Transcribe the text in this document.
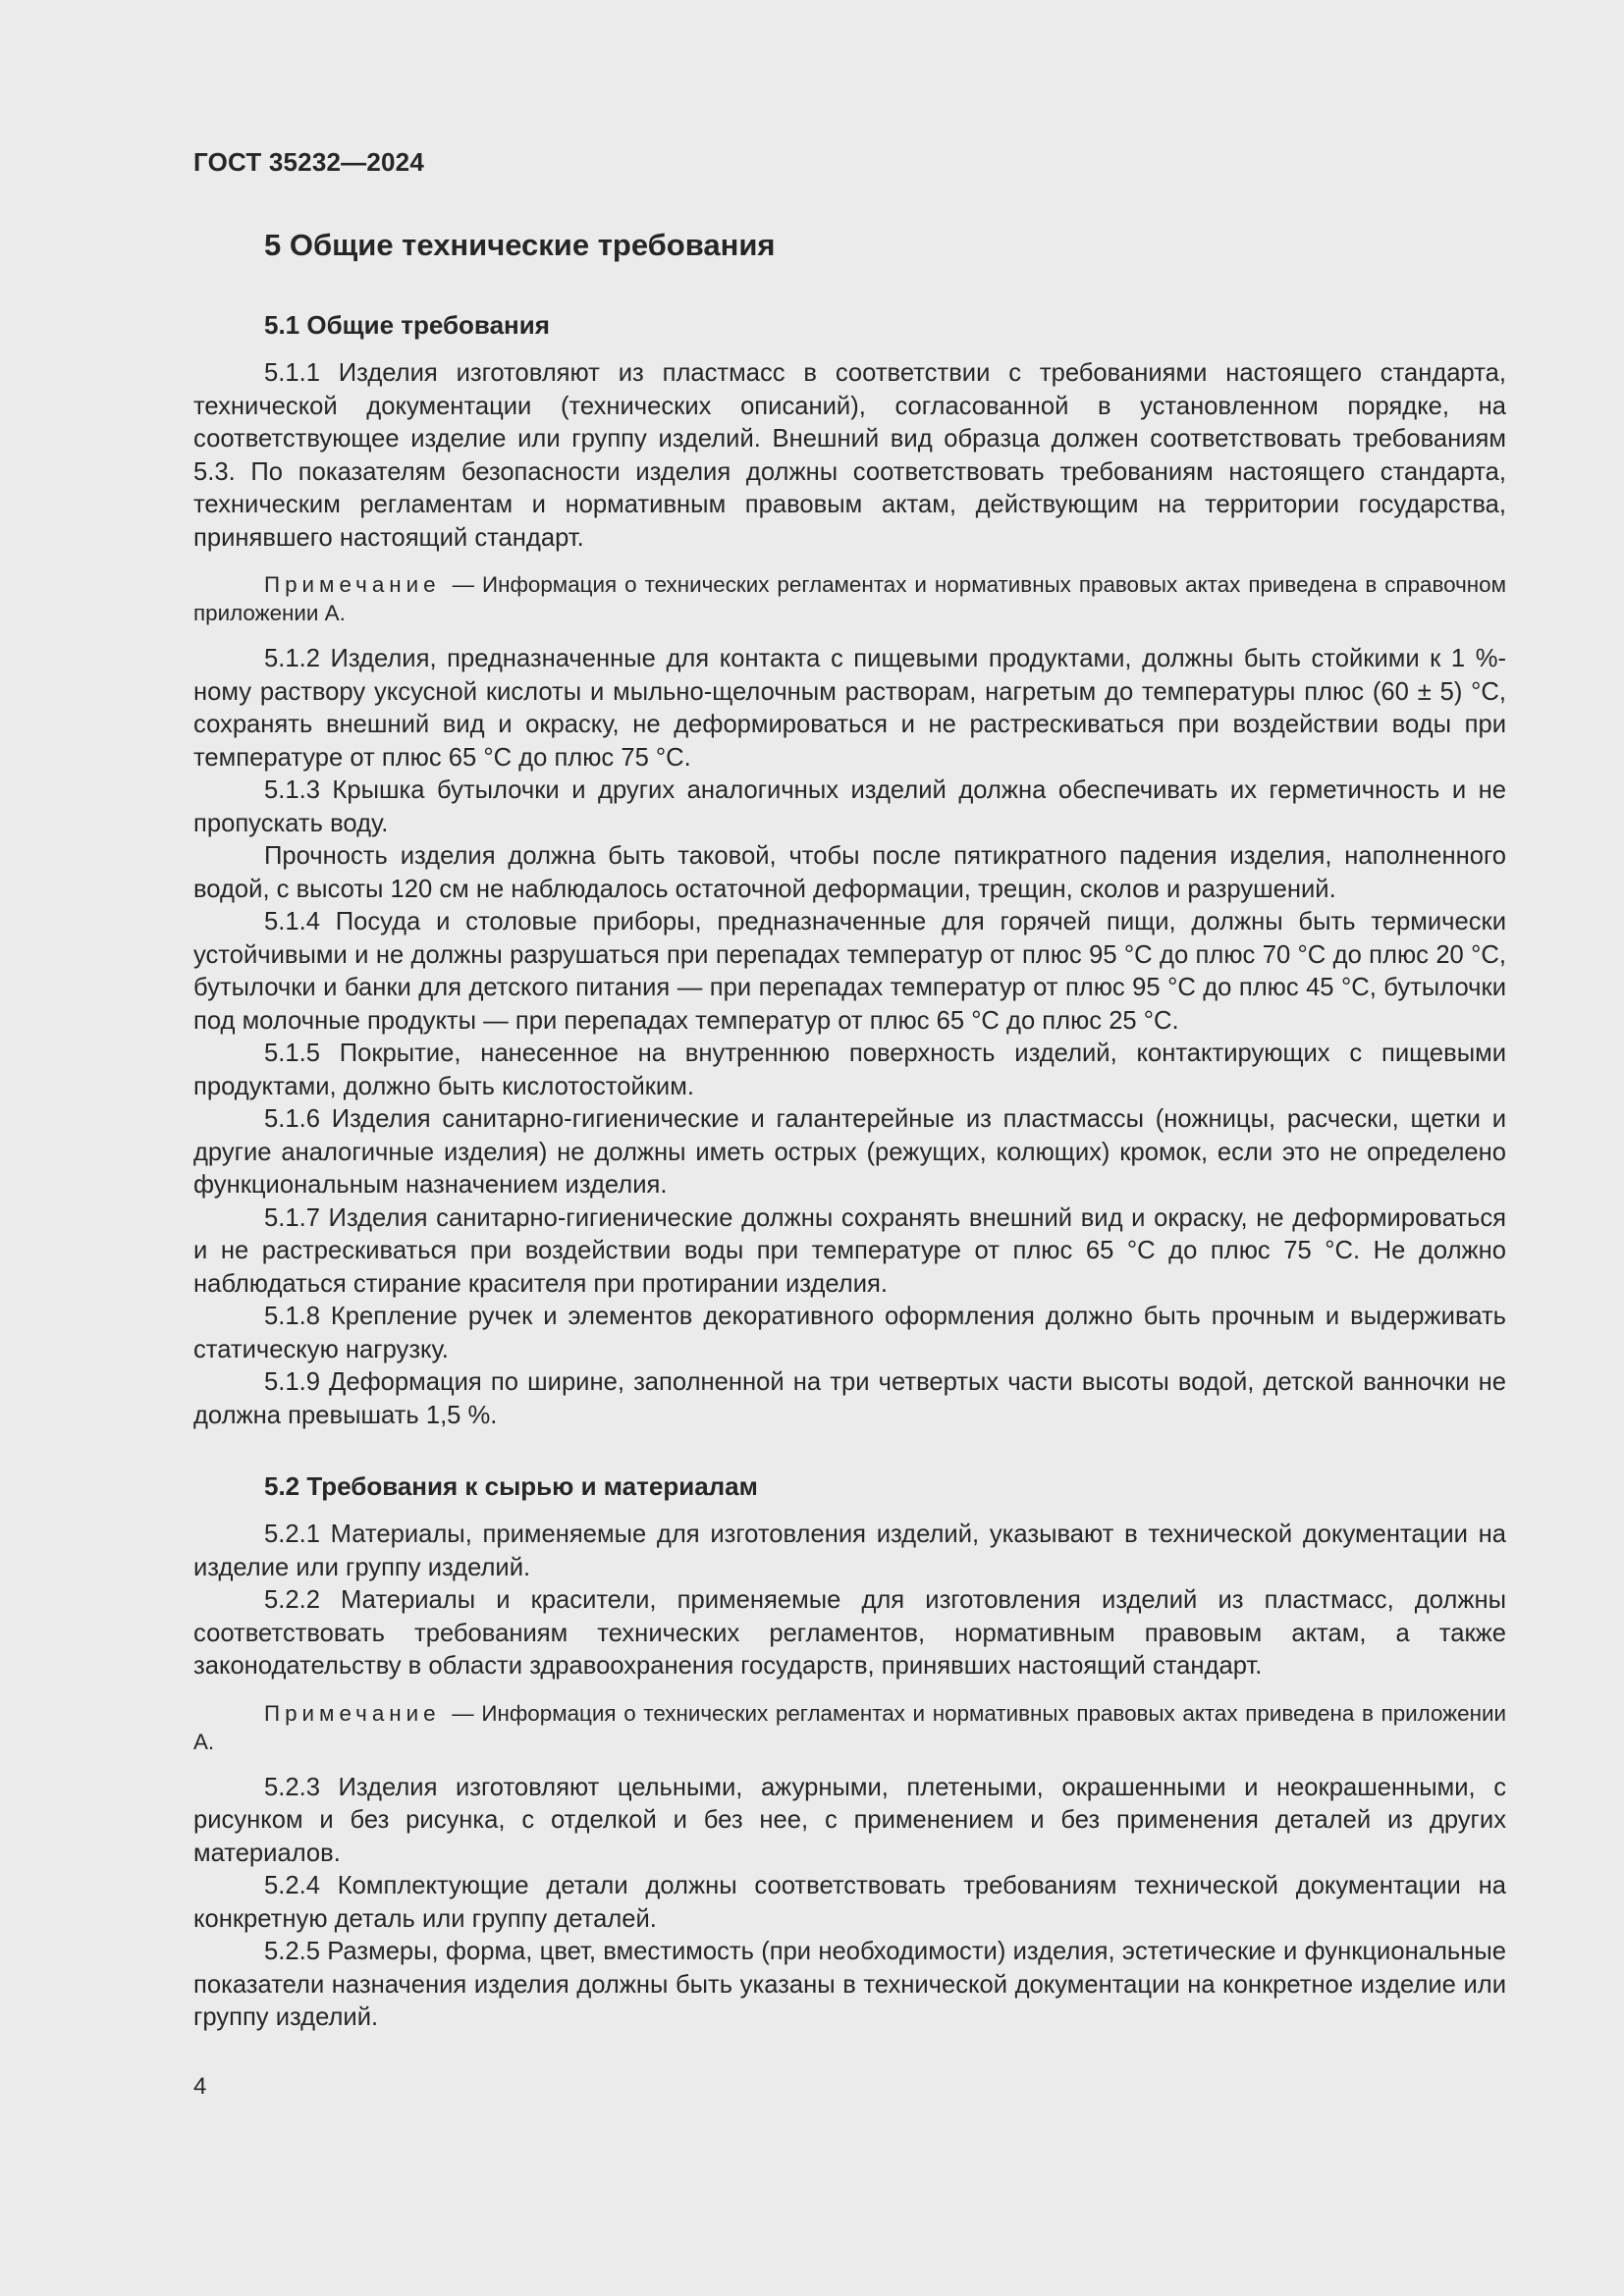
ГОСТ 35232—2024
5 Общие технические требования
5.1 Общие требования

5.1.1 Изделия изготовляют из пластмасс в соответствии с требованиями настоящего стандарта, технической документации (технических описаний), согласованной в установленном порядке, на соответствующее изделие или группу изделий. Внешний вид образца должен соответствовать требованиям 5.3. По показателям безопасности изделия должны соответствовать требованиям настоящего стандарта, техническим регламентам и нормативным правовым актам, действующим на территории государства, принявшего настоящий стандарт.

Примечание — Информация о технических регламентах и нормативных правовых актах приведена в справочном приложении А.

5.1.2 Изделия, предназначенные для контакта с пищевыми продуктами, должны быть стойкими к 1 %-ному раствору уксусной кислоты и мыльно-щелочным растворам, нагретым до температуры плюс (60 ± 5) °С, сохранять внешний вид и окраску, не деформироваться и не растрескиваться при воздействии воды при температуре от плюс 65 °С до плюс 75 °С.

5.1.3 Крышка бутылочки и других аналогичных изделий должна обеспечивать их герметичность и не пропускать воду.

Прочность изделия должна быть таковой, чтобы после пятикратного падения изделия, наполненного водой, с высоты 120 см не наблюдалось остаточной деформации, трещин, сколов и разрушений.

5.1.4 Посуда и столовые приборы, предназначенные для горячей пищи, должны быть термически устойчивыми и не должны разрушаться при перепадах температур от плюс 95 °С до плюс 70 °С до плюс 20 °С, бутылочки и банки для детского питания — при перепадах температур от плюс 95 °С до плюс 45 °С, бутылочки под молочные продукты — при перепадах температур от плюс 65 °С до плюс 25 °С.

5.1.5 Покрытие, нанесенное на внутреннюю поверхность изделий, контактирующих с пищевыми продуктами, должно быть кислотостойким.

5.1.6 Изделия санитарно-гигиенические и галантерейные из пластмассы (ножницы, расчески, щетки и другие аналогичные изделия) не должны иметь острых (режущих, колющих) кромок, если это не определено функциональным назначением изделия.

5.1.7 Изделия санитарно-гигиенические должны сохранять внешний вид и окраску, не деформироваться и не растрескиваться при воздействии воды при температуре от плюс 65 °С до плюс 75 °С. Не должно наблюдаться стирание красителя при протирании изделия.

5.1.8 Крепление ручек и элементов декоративного оформления должно быть прочным и выдерживать статическую нагрузку.

5.1.9 Деформация по ширине, заполненной на три четвертых части высоты водой, детской ванночки не должна превышать 1,5 %.

5.2 Требования к сырью и материалам

5.2.1 Материалы, применяемые для изготовления изделий, указывают в технической документации на изделие или группу изделий.

5.2.2 Материалы и красители, применяемые для изготовления изделий из пластмасс, должны соответствовать требованиям технических регламентов, нормативным правовым актам, а также законодательству в области здравоохранения государств, принявших настоящий стандарт.

Примечание — Информация о технических регламентах и нормативных правовых актах приведена в приложении А.

5.2.3 Изделия изготовляют цельными, ажурными, плетеными, окрашенными и неокрашенными, с рисунком и без рисунка, с отделкой и без нее, с применением и без применения деталей из других материалов.

5.2.4 Комплектующие детали должны соответствовать требованиям технической документации на конкретную деталь или группу деталей.

5.2.5 Размеры, форма, цвет, вместимость (при необходимости) изделия, эстетические и функциональные показатели назначения изделия должны быть указаны в технической документации на конкретное изделие или группу изделий.

4
